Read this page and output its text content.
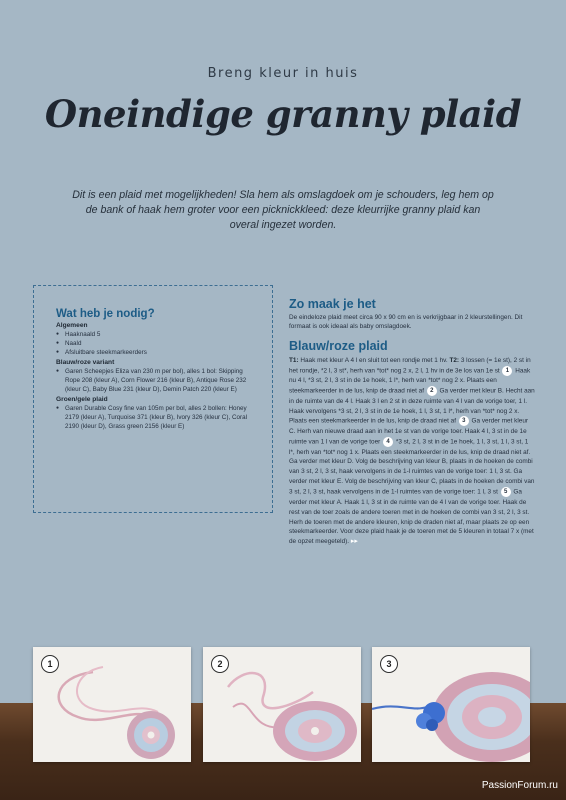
Breng kleur in huis
Oneindige granny plaid
Dit is een plaid met mogelijkheden! Sla hem als omslagdoek om je schouders, leg hem op de bank of haak hem groter voor een picknickkleed: deze kleurrijke granny plaid kan overal ingezet worden.
Wat heb je nodig?
Algemeen
● Haaknaald 5
● Naald
● Afsluitbare steekmarkeerders
Blauw/roze variant
● Garen Scheepjes Eliza van 230 m per bol), alles 1 bol: Skipping Rope 208 (kleur A), Corn Flower 216 (kleur B), Antique Rose 232 (kleur C), Baby Blue 231 (kleur D), Demin Patch 220 (kleur E)
Groen/gele plaid
● Garen Durable Cosy fine van 105m per bol, alles 2 bollen: Honey 2179 (kleur A), Turquoise 371 (kleur B), Ivory 326 (kleur C), Coral 2190 (kleur D), Grass green 2156 (kleur E)
Zo maak je het

De eindeloze plaid meet circa 90 x 90 cm en is verkrijgbaar in 2 kleurstellingen. Dit formaat is ook ideaal als baby omslagdoek.

Blauw/roze plaid

T1: Haak met kleur A 4 l en sluit tot een rondje met 1 hv. T2: 3 lossen (= 1e st), 2 st in het rondje, *2 l, 3 st*, herh van *tot* nog 2 x, 2 l, 1 hv in de 3e los van 1e st 1 Haak nu 4 l, *3 st, 2 l, 3 st in de 1e hoek, 1 l*, herh van *tot* nog 2 x. Plaats een steekmarkeerder in de lus, knip de draad niet af 2 Ga verder met kleur B. Hecht aan in de ruimte van de 4 l. Haak 3 l en 2 st in deze ruimte van 4 l van de vorige toer, 1 l. Haak vervolgens *3 st, 2 l, 3 st in de 1e hoek, 1 l, 3 st, 1 l*, herh van *tot* nog 2 x. Plaats een steekmarkeerder in de lus, knip de draad niet af 3 Ga verder met kleur C. Herh van nieuwe draad aan in het 1e st van de vorige toer. Haak 4 l, 3 st in de 1e ruimte van 1 l van de vorige toer 4 *3 st, 2 l, 3 st in de 1e hoek, 1 l, 3 st, 1 l, 3 st, 1 l*, herh van *tot* nog 1 x. Plaats een steekmarkeerder in de lus, knip de draad niet af. Ga verder met kleur D. Volg de beschrijving van kleur B, plaats in de hoeken de combi van 3 st, 2 l, 3 st, haak vervolgens in de 1-l ruimtes van de vorige toer: 1 l, 3 st. Ga verder met kleur E. Volg de beschrijving van kleur C, plaats in de hoeken de combi van 3 st, 2 l, 3 st, haak vervolgens in de 1-l ruimtes van de vorige toer: 1 l, 3 st 5 Ga verder met kleur A. Haak 1 l, 3 st in de ruimte van de 4 l van de vorige toer. Haak de rest van de toer zoals de andere toeren met in de hoeken de combi van 3 st, 2 l, 3 st. Herh de toeren met de andere kleuren, knip de draden niet af, maar plaats ze op een steekmarkeerder. Voor deze plaid haak je de toeren met de 5 kleuren in totaal 7 x (met de opzet meegeteld). ▸▸

1	2	3
PassionForum.ru
